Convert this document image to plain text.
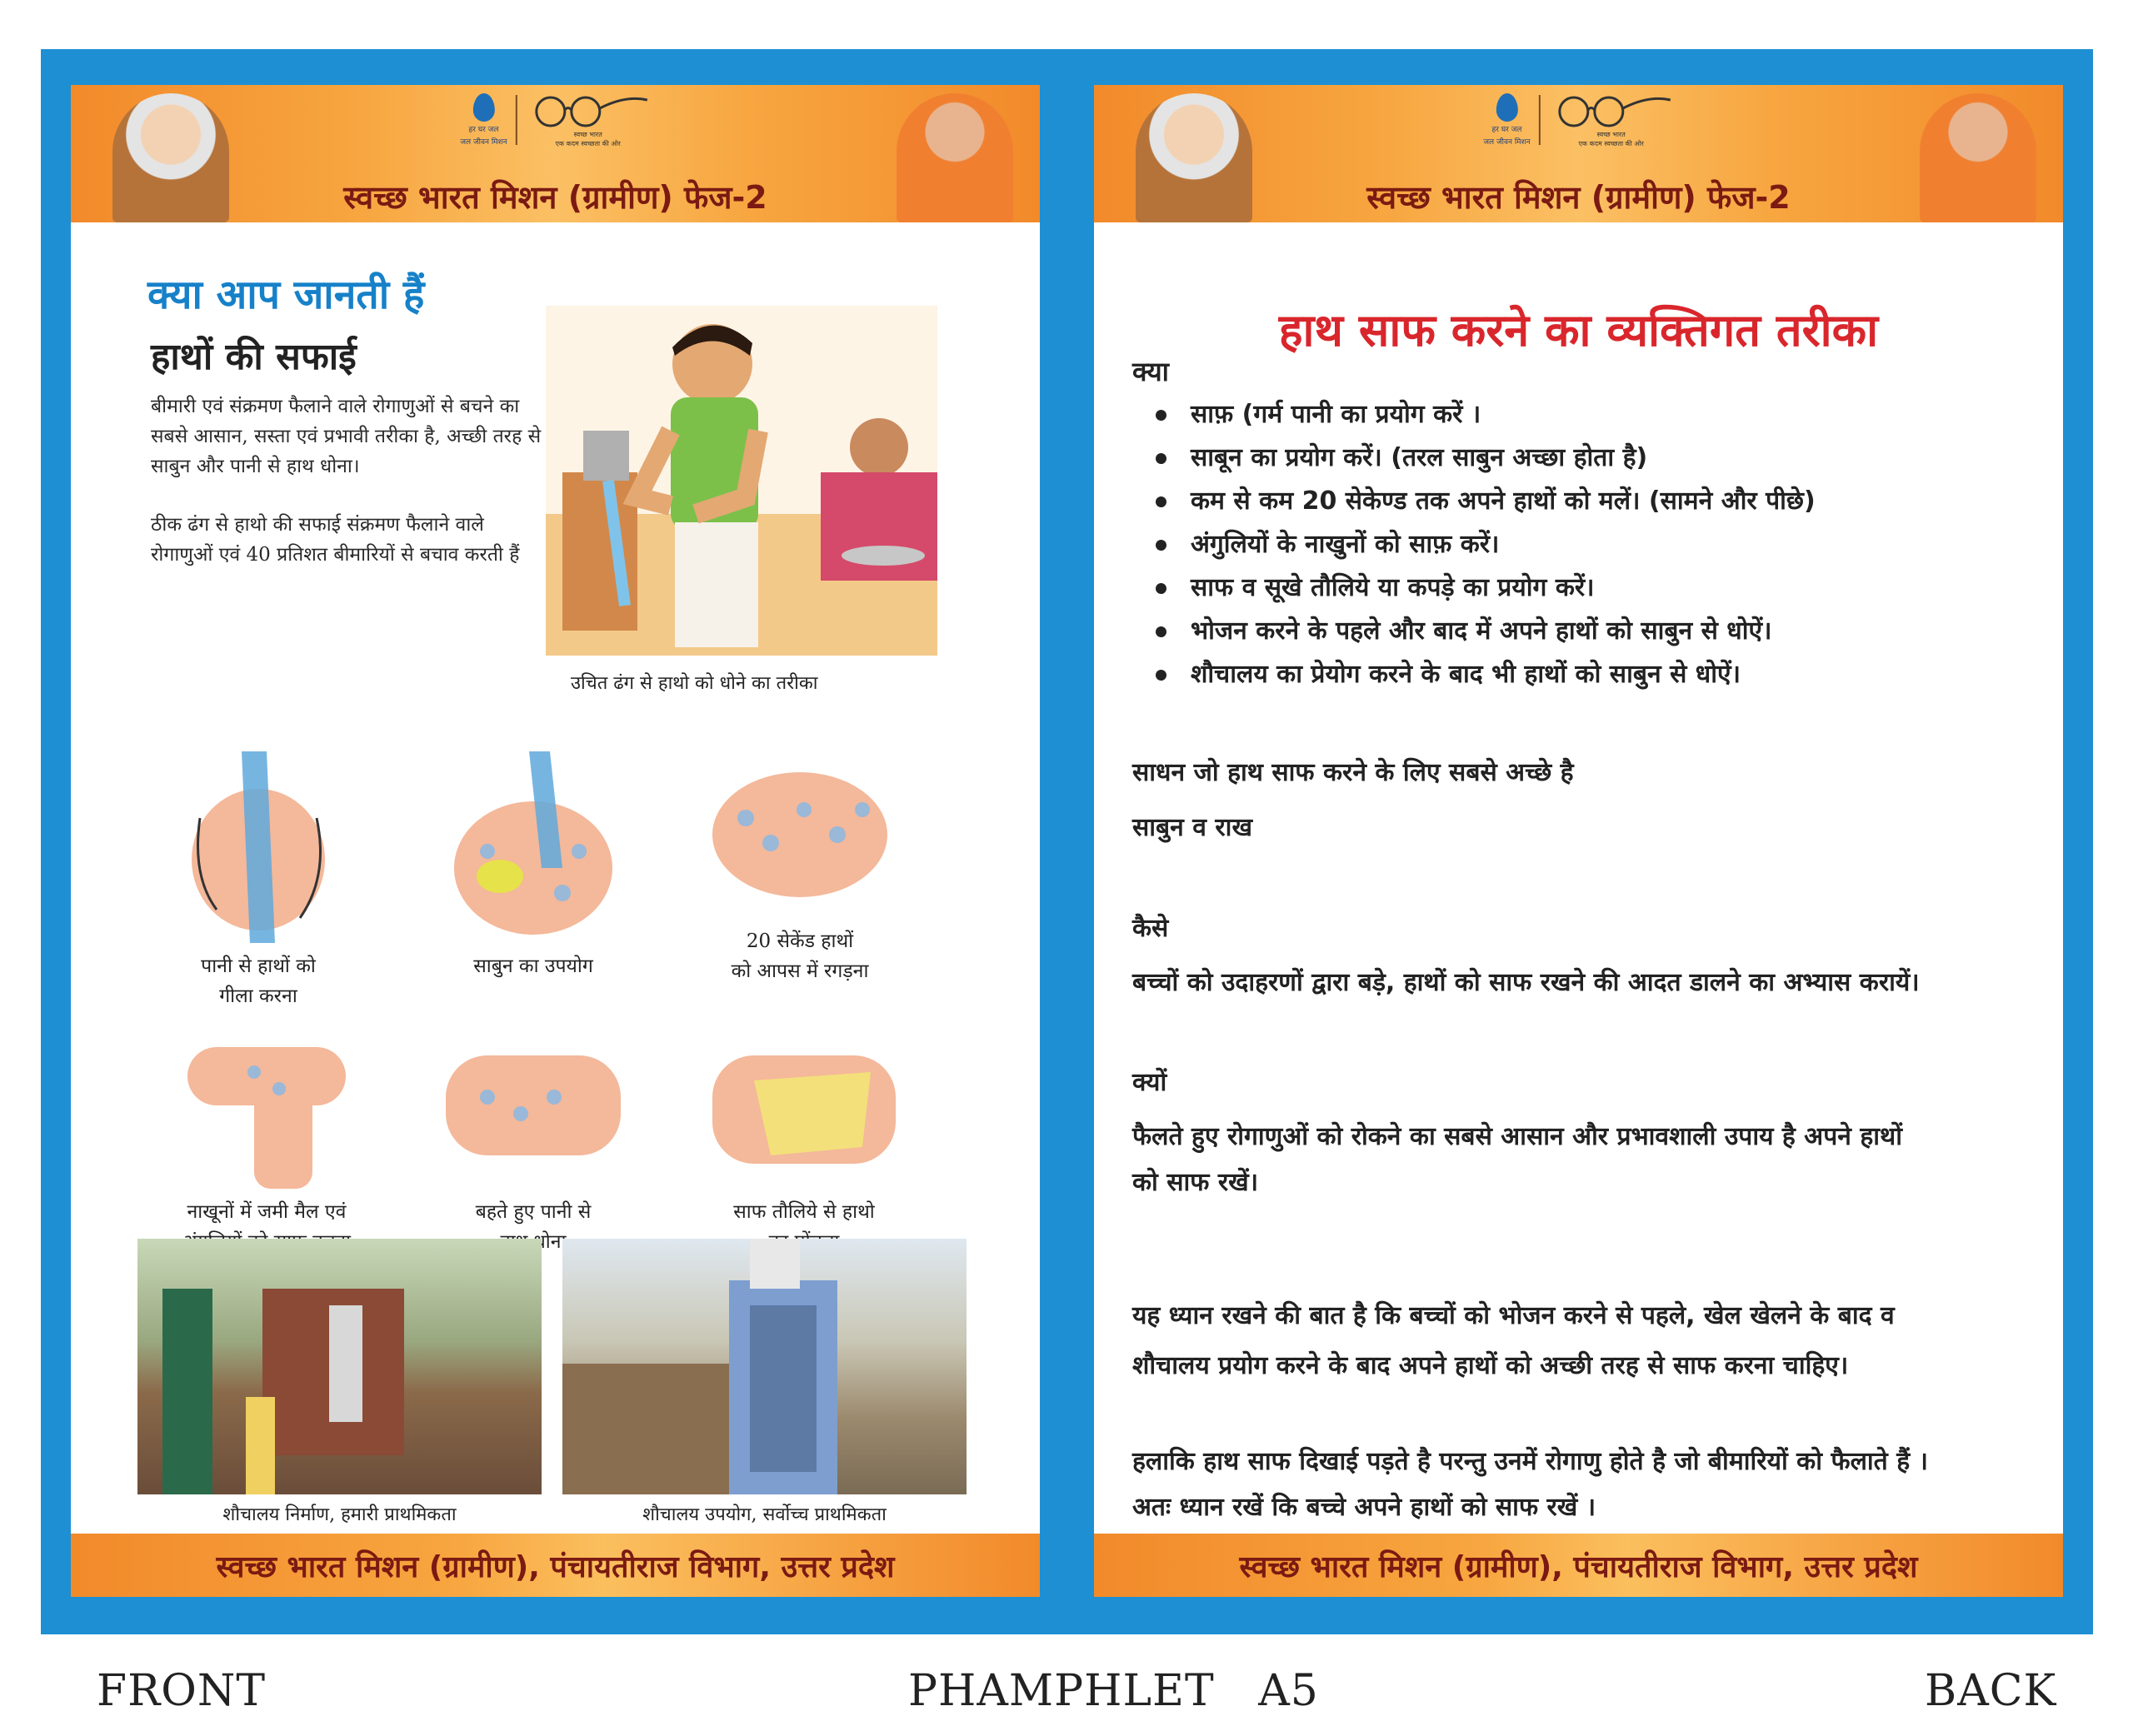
हर घर जल
जल जीवन मिशन
स्वच्छ भारत
एक कदम स्वच्छता की ओर
स्वच्छ भारत मिशन (ग्रामीण) फेज-2
क्या आप जानती हैं
हाथों की सफाई
बीमारी एवं संक्रमण फैलाने वाले रोगाणुओं से बचने का सबसे आसान, सस्ता एवं प्रभावी तरीका है, अच्छी तरह से साबुन और पानी से हाथ धोना।
ठीक ढंग से हाथो की सफाई संक्रमण फैलाने वाले रोगाणुओं एवं 40 प्रतिशत बीमारियों से बचाव करती हैं
उचित ढंग से हाथो को धोने का तरीका
पानी से हाथों को
गीला करना
साबुन का उपयोग
20 सेकेंड हाथों
को आपस में रगड़ना
नाखूनों में जमी मैल एवं	बहते हुए पानी से
धोना
साफ तौलिये से हाथो
शौचालय निर्माण, हमारी प्राथमिकता	शौचालय उपयोग, सर्वोच्च प्राथमिकता
स्वच्छ भारत मिशन (ग्रामीण), पंचायतीराज विभाग, उत्तर प्रदेश
हर घर जल
जल जीवन मिशन
स्वच्छ भारत
एक कदम स्वच्छता की ओर
स्वच्छ भारत मिशन (ग्रामीण) फेज-2
हाथ साफ करने का व्यक्तिगत तरीका
क्या
साफ़ (गर्म पानी का प्रयोग करें ।
साबून का प्रयोग करें। (तरल साबुन अच्छा होता है)
कम से कम 20 सेकेण्ड तक अपने हाथों को मलें। (सामने और पीछे)
अंगुलियों के नाखुनों को साफ़ करें।
साफ व सूखे तौलिये या कपड़े का प्रयोग करें।
भोजन करने के पहले और बाद में अपने हाथों को साबुन से धोऐं।
शौचालय का प्रेयोग करने के बाद भी हाथों को साबुन से धोऐं।
साधन जो हाथ साफ करने के लिए सबसे अच्छे है
साबुन व राख
कैसे
बच्चों को उदाहरणों द्वारा बड़े, हाथों को साफ रखने की आदत डालने का अभ्यास करायें।
क्यों
फैलते हुए रोगाणुओं को रोकने का सबसे आसान और प्रभावशाली उपाय है अपने हाथों
को साफ रखें।
यह ध्यान रखने की बात है कि बच्चों को भोजन करने से पहले, खेल खेलने के बाद व
शौचालय प्रयोग करने के बाद अपने हाथों को अच्छी तरह से साफ करना चाहिए।
हलाकि हाथ साफ दिखाई पड़ते है परन्तु उनमें रोगाणु होते है जो बीमारियों को फैलाते हैं ।
अतः ध्यान रखें कि बच्चे अपने हाथों को साफ रखें ।
स्वच्छ भारत मिशन (ग्रामीण), पंचायतीराज विभाग, उत्तर प्रदेश
FRONT	PHAMPHLET   A5	BACK
